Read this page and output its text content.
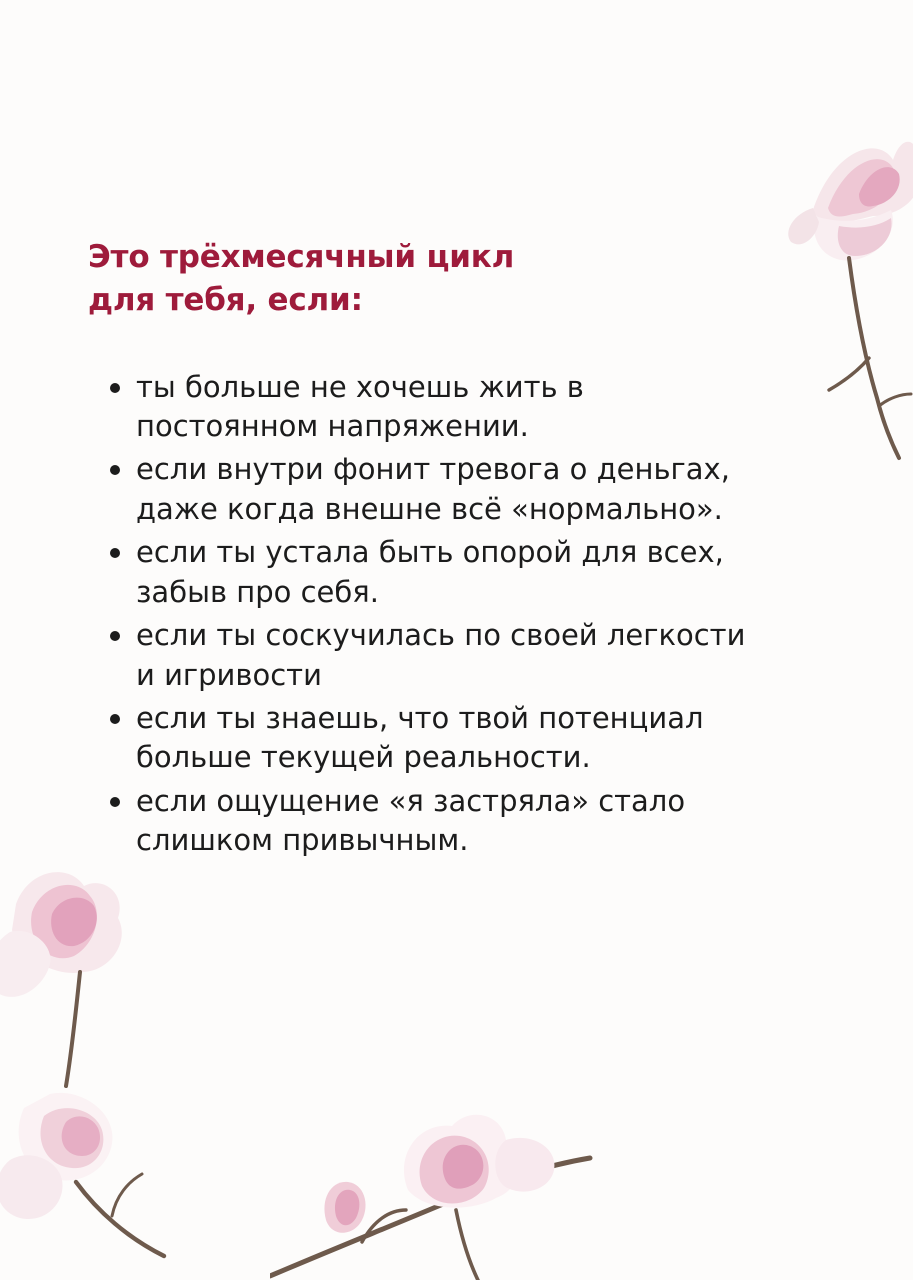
Это трёхмесячный цикл
для тебя, если:
ты больше не хочешь жить в постоянном напряжении.
если внутри фонит тревога о деньгах, даже когда внешне всё «нормально».
если ты устала быть опорой для всех, забыв про себя.
если ты соскучилась по своей легкости и игривости
если ты знаешь, что твой потенциал больше текущей реальности.
если ощущение «я застряла» стало слишком привычным.
